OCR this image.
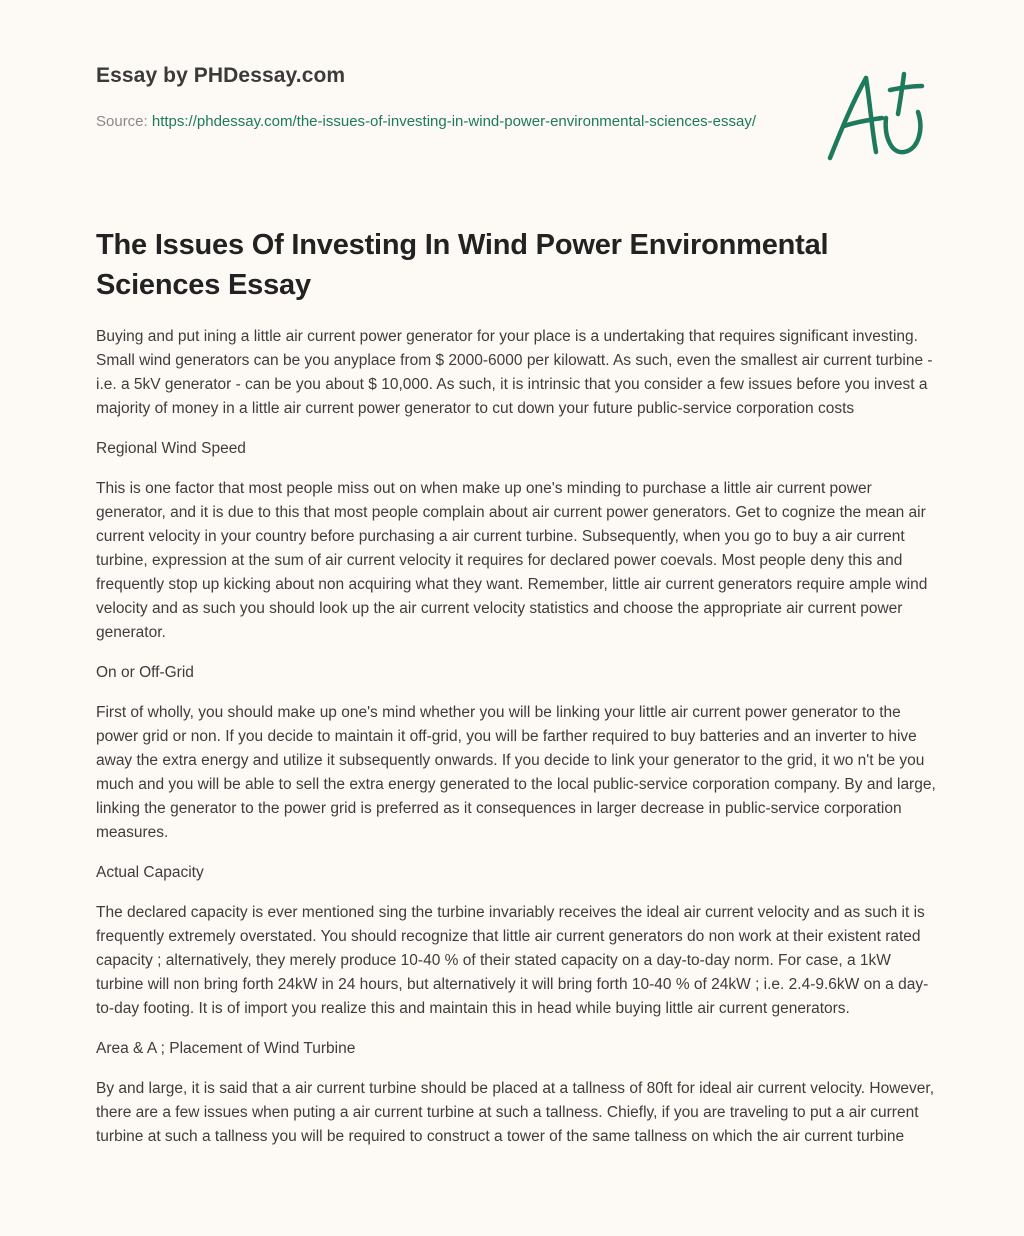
Essay by PHDessay.com
Source: https://phdessay.com/the-issues-of-investing-in-wind-power-environmental-sciences-essay/
The Issues Of Investing In Wind Power Environmental Sciences Essay

Buying and put ining a little air current power generator for your place is a undertaking that requires significant investing. Small wind generators can be you anyplace from $ 2000-6000 per kilowatt. As such, even the smallest air current turbine - i.e. a 5kV generator - can be you about $ 10,000. As such, it is intrinsic that you consider a few issues before you invest a majority of money in a little air current power generator to cut down your future public-service corporation costs

Regional Wind Speed

This is one factor that most people miss out on when make up one's minding to purchase a little air current power generator, and it is due to this that most people complain about air current power generators. Get to cognize the mean air current velocity in your country before purchasing a air current turbine. Subsequently, when you go to buy a air current turbine, expression at the sum of air current velocity it requires for declared power coevals. Most people deny this and frequently stop up kicking about non acquiring what they want. Remember, little air current generators require ample wind velocity and as such you should look up the air current velocity statistics and choose the appropriate air current power generator.

On or Off-Grid

First of wholly, you should make up one's mind whether you will be linking your little air current power generator to the power grid or non. If you decide to maintain it off-grid, you will be farther required to buy batteries and an inverter to hive away the extra energy and utilize it subsequently onwards. If you decide to link your generator to the grid, it wo n't be you much and you will be able to sell the extra energy generated to the local public-service corporation company. By and large, linking the generator to the power grid is preferred as it consequences in larger decrease in public-service corporation measures.

Actual Capacity

The declared capacity is ever mentioned sing the turbine invariably receives the ideal air current velocity and as such it is frequently extremely overstated. You should recognize that little air current generators do non work at their existent rated capacity ; alternatively, they merely produce 10-40 % of their stated capacity on a day-to-day norm. For case, a 1kW turbine will non bring forth 24kW in 24 hours, but alternatively it will bring forth 10-40 % of 24kW ; i.e. 2.4-9.6kW on a day-to-day footing. It is of import you realize this and maintain this in head while buying little air current generators.

Area & A ; Placement of Wind Turbine

By and large, it is said that a air current turbine should be placed at a tallness of 80ft for ideal air current velocity. However, there are a few issues when puting a air current turbine at such a tallness. Chiefly, if you are traveling to put a air current turbine at such a tallness you will be required to construct a tower of the same tallness on which the air current turbine
